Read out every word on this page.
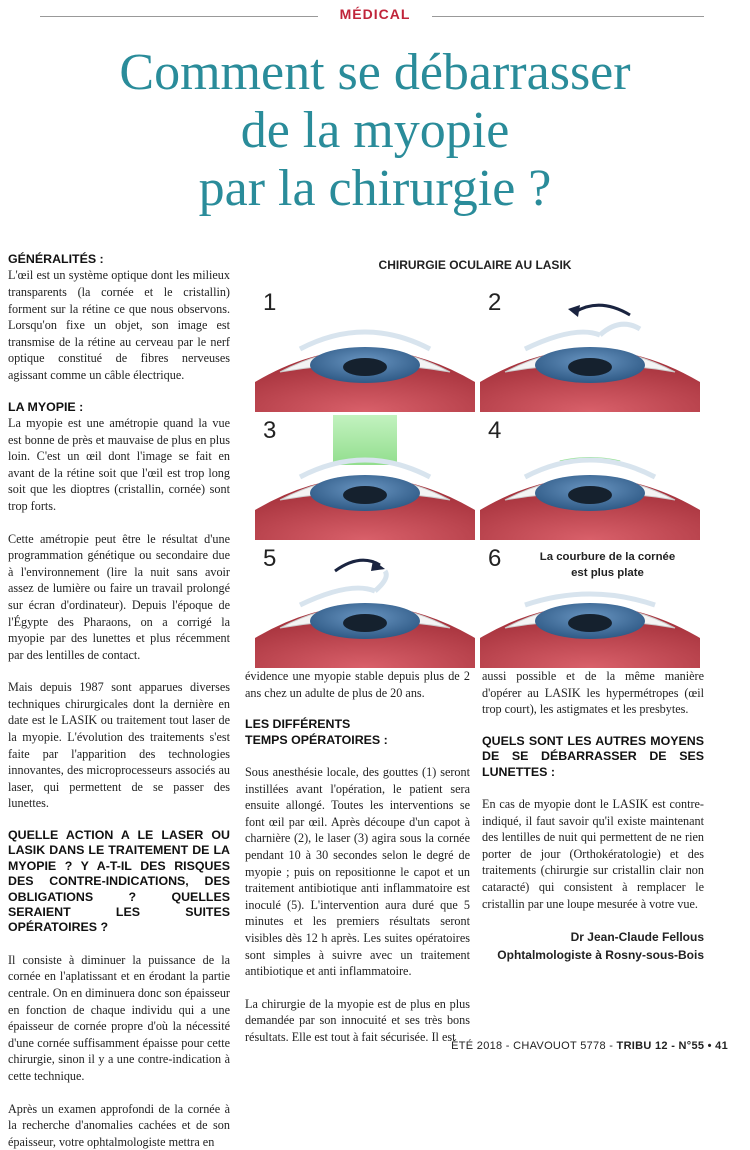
MÉDICAL
Comment se débarrasser
de la myopie
par la chirurgie ?
GÉNÉRALITÉS :

L'œil est un système optique dont les milieux transparents (la cornée et le cristallin) forment sur la rétine ce que nous observons. Lorsqu'on fixe un objet, son image est transmise de la rétine au cerveau par le nerf optique constitué de fibres nerveuses agissant comme un câble électrique.

LA MYOPIE :

La myopie est une amétropie quand la vue est bonne de près et mauvaise de plus en plus loin. C'est un œil dont l'image se fait en avant de la rétine soit que l'œil est trop long soit que les dioptres (cristallin, cornée) sont trop forts.

Cette amétropie peut être le résultat d'une programmation génétique ou secondaire due à l'environnement (lire la nuit sans avoir assez de lumière ou faire un travail prolongé sur écran d'ordinateur). Depuis l'époque de l'Égypte des Pharaons, on a corrigé la myopie par des lunettes et plus récemment par des lentilles de contact.

Mais depuis 1987 sont apparues diverses techniques chirurgicales dont la dernière en date est le LASIK ou traitement tout laser de la myopie. L'évolution des traitements s'est faite par l'apparition des technologies innovantes, des microprocesseurs associés au laser, qui permettent de se passer des lunettes.

QUELLE ACTION A LE LASER OU LASIK DANS LE TRAITEMENT DE LA MYOPIE ? Y A-T-IL DES RISQUES DES CONTRE-INDICATIONS, DES OBLIGATIONS ? QUELLES SERAIENT LES SUITES OPÉRATOIRES ?

Il consiste à diminuer la puissance de la cornée en l'aplatissant et en érodant la partie centrale. On en diminuera donc son épaisseur en fonction de chaque individu qui a une épaisseur de cornée propre d'où la nécessité d'une cornée suffisamment épaisse pour cette chirurgie, sinon il y a une contre-indication à cette technique.

Après un examen approfondi de la cornée à la recherche d'anomalies cachées et de son épaisseur, votre ophtalmologiste mettra en

CHIRURGIE OCULAIRE AU LASIK
1	2
3	4
5	6	La courbure de la cornée
est plus plate

évidence une myopie stable depuis plus de 2 ans chez un adulte de plus de 20 ans.

LES DIFFÉRENTS
TEMPS OPÉRATOIRES :

Sous anesthésie locale, des gouttes (1) seront instillées avant l'opération, le patient sera ensuite allongé. Toutes les interventions se font œil par œil. Après découpe d'un capot à charnière (2), le laser (3) agira sous la cornée pendant 10 à 30 secondes selon le degré de myopie ; puis on repositionne le capot et un traitement antibiotique anti inflammatoire est inoculé (5). L'intervention aura duré que 5 minutes et les premiers résultats seront visibles dès 12 h après. Les suites opératoires sont simples à suivre avec un traitement antibiotique et anti inflammatoire.

La chirurgie de la myopie est de plus en plus demandée par son innocuité et ses très bons résultats. Elle est tout à fait sécurisée. Il est

aussi possible et de la même manière d'opérer au LASIK les hypermétropes (œil trop court), les astigmates et les presbytes.

QUELS SONT LES AUTRES MOYENS DE SE DÉBARRASSER DE SES LUNETTES :

En cas de myopie dont le LASIK est contre-indiqué, il faut savoir qu'il existe maintenant des lentilles de nuit qui permettent de ne rien porter de jour (Orthokératologie) et des traitements (chirurgie sur cristallin clair non cataracté) qui consistent à remplacer le cristallin par une loupe mesurée à votre vue.

Dr Jean-Claude Fellous
Ophtalmologiste à Rosny-sous-Bois
ÉTÉ 2018 - CHAVOUOT 5778 - TRIBU 12 - N°55 • 41
